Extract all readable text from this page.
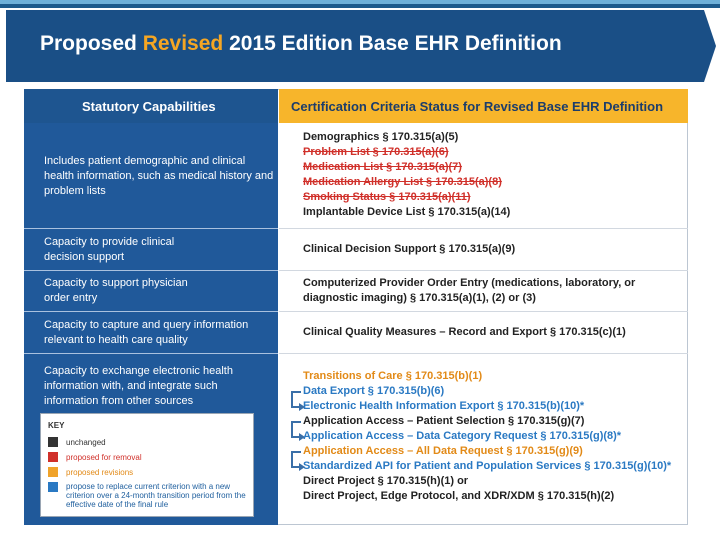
Proposed Revised 2015 Edition Base EHR Definition
Statutory Capabilities	Certification Criteria Status for Revised Base EHR Definition
Includes patient demographic and clinical health information, such as medical history and problem lists
Capacity to provide clinical decision support
Capacity to support physician order entry
Capacity to capture and query information relevant to health care quality
Capacity to exchange electronic health information with, and integrate such information from other sources
Demographics § 170.315(a)(5)
Problem List § 170.315(a)(6)
Medication List § 170.315(a)(7)
Medication Allergy List § 170.315(a)(8)
Smoking Status § 170.315(a)(11)
Implantable Device List § 170.315(a)(14)
Clinical Decision Support § 170.315(a)(9)
Computerized Provider Order Entry (medications, laboratory, or diagnostic imaging) § 170.315(a)(1), (2) or (3)
Clinical Quality Measures – Record and Export § 170.315(c)(1)
Transitions of Care § 170.315(b)(1)
Data Export § 170.315(b)(6)
Electronic Health Information Export § 170.315(b)(10)*
Application Access – Patient Selection § 170.315(g)(7)
Application Access – Data Category Request § 170.315(g)(8)*
Application Access – All Data Request § 170.315(g)(9)
Standardized API for Patient and Population Services § 170.315(g)(10)*
Direct Project § 170.315(h)(1) or
Direct Project, Edge Protocol, and XDR/XDM § 170.315(h)(2)
KEY
unchanged
proposed for removal
proposed revisions
propose to replace current criterion with a new criterion over a 24-month transition period from the effective date of the final rule
